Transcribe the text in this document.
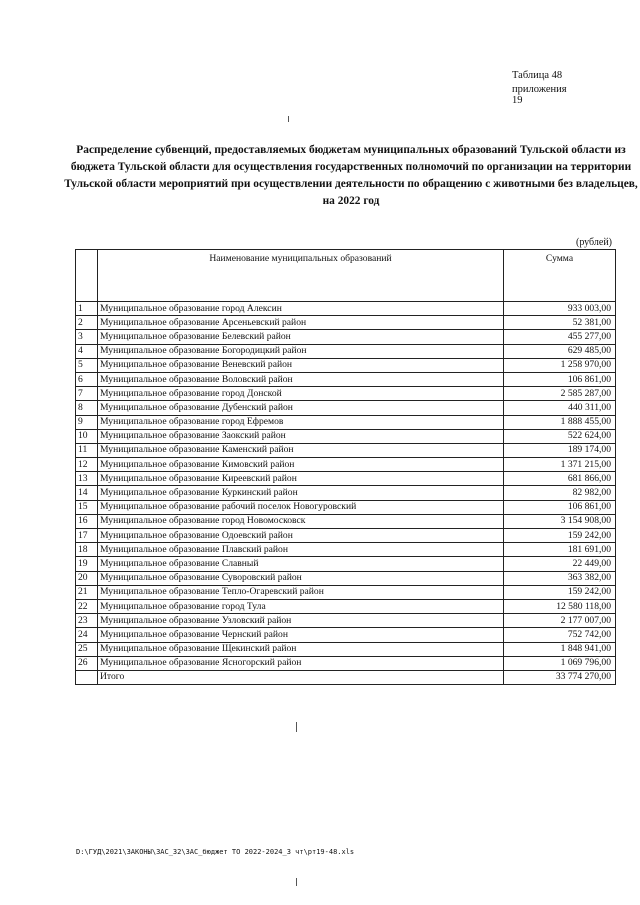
Таблица 48
приложения 19

Распределение субвенций, предоставляемых бюджетам муниципальных образований Тульской области из бюджета Тульской области для осуществления государственных полномочий по организации на территории Тульской области мероприятий при осуществлении деятельности по обращению с животными без владельцев, на 2022 год

(рублей)
	Наименование муниципальных образований	Сумма
1	Муниципальное образование город Алексин	933 003,00
2	Муниципальное образование Арсеньевский район	52 381,00
3	Муниципальное образование Белевский район	455 277,00
4	Муниципальное образование Богородицкий район	629 485,00
5	Муниципальное образование Веневский район	1 258 970,00
6	Муниципальное образование Воловский район	106 861,00
7	Муниципальное образование город Донской	2 585 287,00
8	Муниципальное образование Дубенский район	440 311,00
9	Муниципальное образование город Ефремов	1 888 455,00
10	Муниципальное образование Заокский район	522 624,00
11	Муниципальное образование Каменский район	189 174,00
12	Муниципальное образование Кимовский район	1 371 215,00
13	Муниципальное образование Киреевский район	681 866,00
14	Муниципальное образование Куркинский район	82 982,00
15	Муниципальное образование рабочий поселок Новогуровский	106 861,00
16	Муниципальное образование город Новомосковск	3 154 908,00
17	Муниципальное образование Одоевский район	159 242,00
18	Муниципальное образование Плавский район	181 691,00
19	Муниципальное образование Славный	22 449,00
20	Муниципальное образование Суворовский район	363 382,00
21	Муниципальное образование Тепло-Огаревский район	159 242,00
22	Муниципальное образование город Тула	12 580 118,00
23	Муниципальное образование Узловский район	2 177 007,00
24	Муниципальное образование Чернский район	752 742,00
25	Муниципальное образование Щекинский район	1 848 941,00
26	Муниципальное образование Ясногорский район	1 069 796,00
	Итого	33 774 270,00
D:\ГУД\2021\ЗАКОНЫ\ЗАС_32\ЗАС_бюджет ТО 2022-2024_3 чт\рт19-48.xls
